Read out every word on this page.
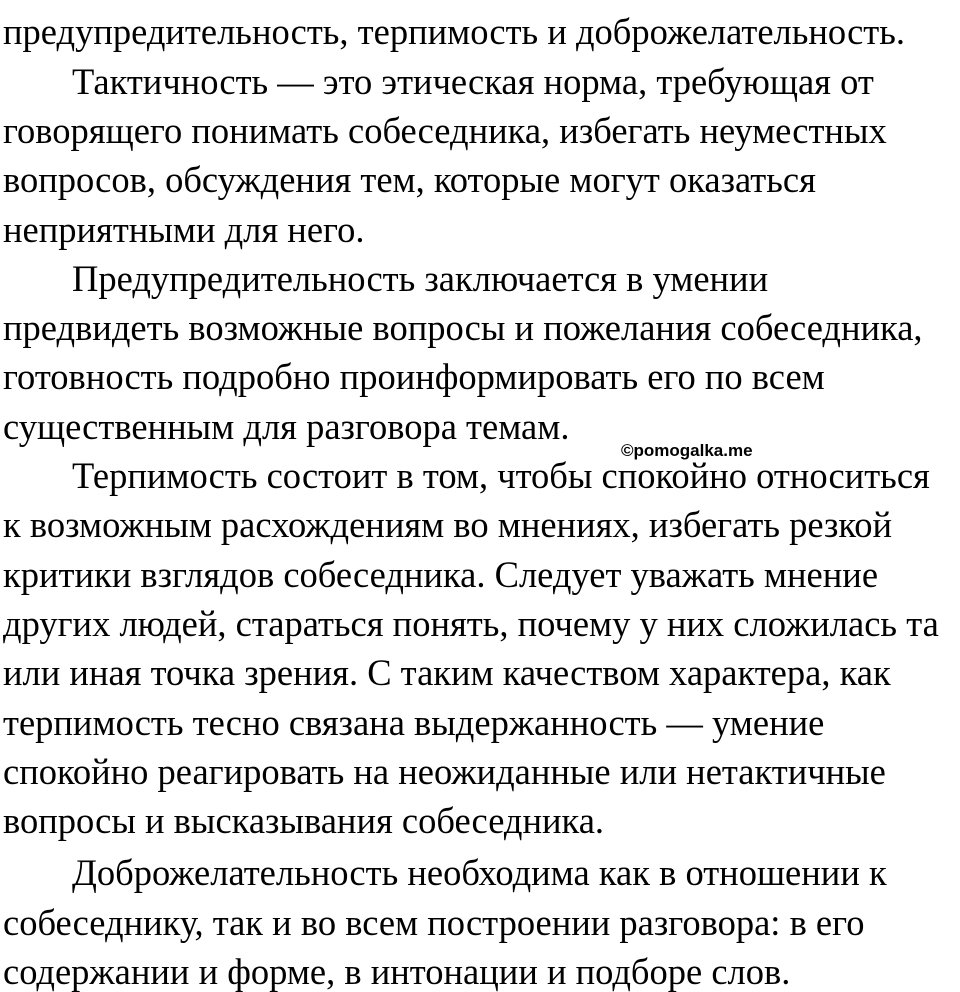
предупредительность, терпимость и доброжелательность.
Тактичность — это этическая норма, требующая от
говорящего понимать собеседника, избегать неуместных
вопросов, обсуждения тем, которые могут оказаться
неприятными для него.
Предупредительность заключается в умении
предвидеть возможные вопросы и пожелания собеседника,
готовность подробно проинформировать его по всем
существенным для разговора темам.
©pomogalka.me
Терпимость состоит в том, чтобы спокойно относиться
к возможным расхождениям во мнениях, избегать резкой
критики взглядов собеседника. Следует уважать мнение
других людей, стараться понять, почему у них сложилась та
или иная точка зрения. С таким качеством характера, как
терпимость тесно связана выдержанность — умение
спокойно реагировать на неожиданные или нетактичные
вопросы и высказывания собеседника.
Доброжелательность необходима как в отношении к
собеседнику, так и во всем построении разговора: в его
содержании и форме, в интонации и подборе слов.
